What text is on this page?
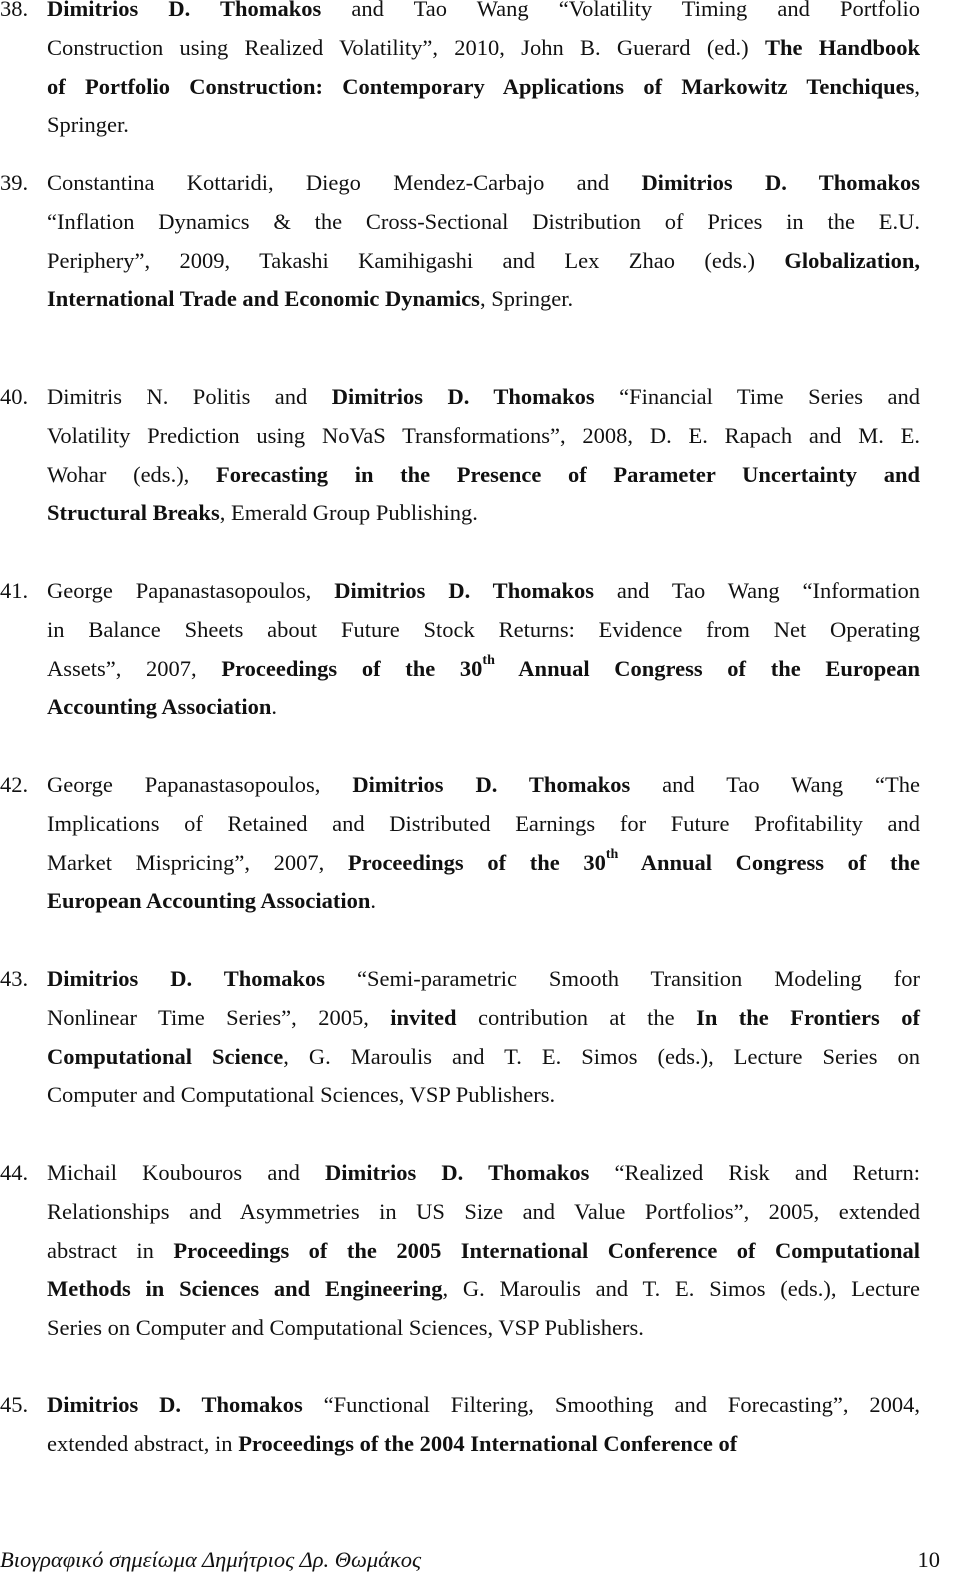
38. Dimitrios D. Thomakos and Tao Wang “Volatility Timing and Portfolio
Construction using Realized Volatility”, 2010, John B. Guerard (ed.) The Handbook
of Portfolio Construction: Contemporary Applications of Markowitz Tenchiques,
Springer.
39. Constantina Kottaridi, Diego Mendez-Carbajo and Dimitrios D. Thomakos
“Inflation Dynamics & the Cross-Sectional Distribution of Prices in the E.U.
Periphery”, 2009, Takashi Kamihigashi and Lex Zhao (eds.) Globalization,
International Trade and Economic Dynamics, Springer.
40. Dimitris N. Politis and Dimitrios D. Thomakos “Financial Time Series and
Volatility Prediction using NoVaS Transformations”, 2008, D. E. Rapach and M. E.
Wohar (eds.), Forecasting in the Presence of Parameter Uncertainty and
Structural Breaks, Emerald Group Publishing.
41. George Papanastasopoulos, Dimitrios D. Thomakos and Tao Wang “Information
in Balance Sheets about Future Stock Returns: Evidence from Net Operating
Assets”, 2007, Proceedings of the 30th Annual Congress of the European
Accounting Association.
42. George Papanastasopoulos, Dimitrios D. Thomakos and Tao Wang “The
Implications of Retained and Distributed Earnings for Future Profitability and
Market Mispricing”, 2007, Proceedings of the 30th Annual Congress of the
European Accounting Association.
43. Dimitrios D. Thomakos “Semi-parametric Smooth Transition Modeling for
Nonlinear Time Series”, 2005, invited contribution at the In the Frontiers of
Computational Science, G. Maroulis and T. E. Simos (eds.), Lecture Series on
Computer and Computational Sciences, VSP Publishers.
44. Michail Koubouros and Dimitrios D. Thomakos “Realized Risk and Return:
Relationships and Asymmetries in US Size and Value Portfolios”, 2005, extended
abstract in Proceedings of the 2005 International Conference of Computational
Methods in Sciences and Engineering, G. Maroulis and T. E. Simos (eds.), Lecture
Series on Computer and Computational Sciences, VSP Publishers.
45. Dimitrios D. Thomakos “Functional Filtering, Smoothing and Forecasting”, 2004,
extended abstract, in Proceedings of the 2004 International Conference of
Βιογραφικό σημείωμα Δημήτριος Δρ. Θωμάκος	10
